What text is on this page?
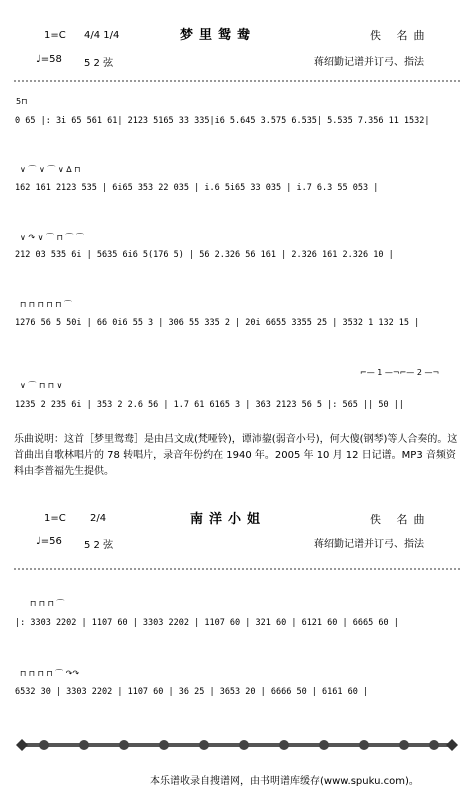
1=C 4/4 1/4	梦里鸳鸯	佚 名曲
♩=58 5 2 弦	蒋绍勤记谱并订弓、指法
5⊓
0 65 |: 3i 65 561 61| 2123 5165 33 335|i6 5.645 3.575 6.535| 5.535 7.356 11 1532|
∨ ⌒ ∨ ⌒ ∨ ∆ ⊓
162 161 2123 535 | 6i65 353 22 035 | i.6 5i65 33 035 | i.7 6.3 55 053 |
∨ ↷ ∨ ⌒ ⊓ ⌒ ⌒
212 03 535 6i | 5635 6i6 5(176 5) | 56 2.326 56 161 | 2.326 161 2.326 10 |
⊓ ⊓ ⊓ ⊓ ⊓ ⌒
1276 56 5 50i | 66 0i6 55 3 | 306 55 335 2 | 20i 6655 3355 25 | 3532 1 132 15 |
∨ ⌒ ⊓ ⊓ ∨
⌐— 1 —¬⌐— 2 —¬
1235 2 235 6i | 353 2 2.6 56 | 1.7 61 6165 3 | 363 2123 56 5 |: 565 || 50 ||
乐曲说明：这首［梦里鸳鸯］是由吕文成(梵哑铃)，谭沛鋆(弱音小号)，何大傻(钢琴)等人合奏的。这首曲出自歌林唱片的 78 转唱片，录音年份约在 1940 年。2005 年 10 月 12 日记谱。MP3 音频资料由李普福先生提供。
1=C 2/4	南洋小姐	佚 名曲
♩=56 5 2 弦	蒋绍勤记谱并订弓、指法
⊓ ⊓ ⊓ ⌒
|: 3303 2202 | 1107 60 | 3303 2202 | 1107 60 | 321 60 | 6121 60 | 6665 60 |
⊓ ⊓ ⊓ ⊓ ⌒ ↷↷
6532 30 | 3303 2202 | 1107 60 | 36 25 | 3653 20 | 6666 50 | 6161 60 |
本乐谱收录自搜谱网，由书明谱库缓存(www.spuku.com)。
